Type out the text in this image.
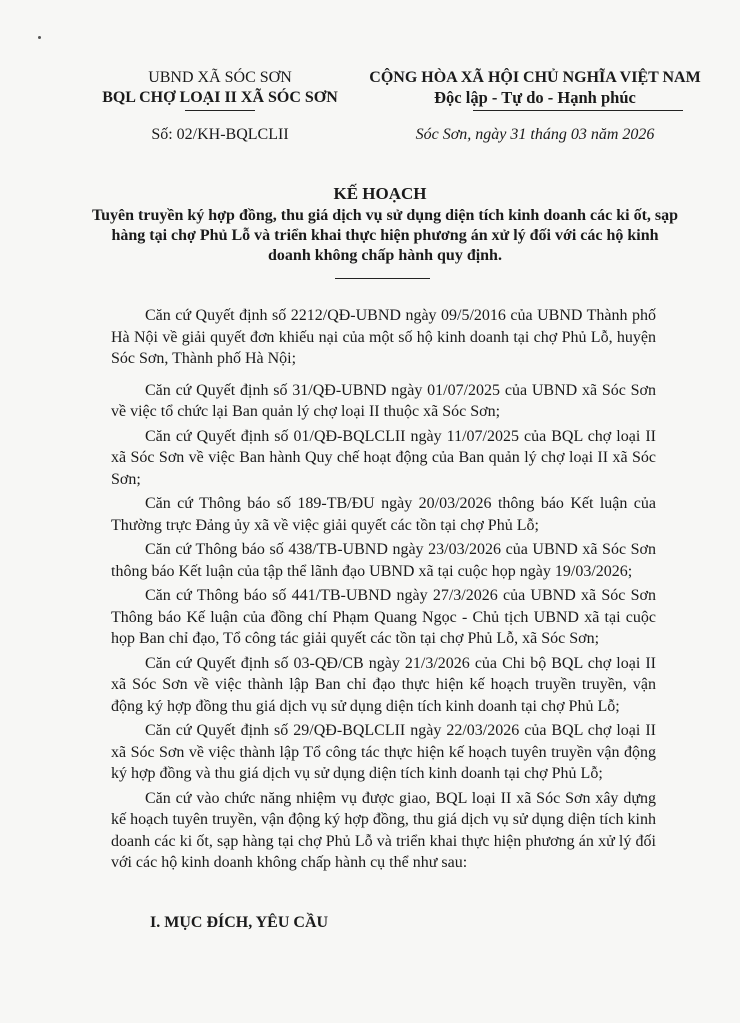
UBND XÃ SÓC SƠN
BQL CHỢ LOẠI II XÃ SÓC SƠN
CỘNG HÒA XÃ HỘI CHỦ NGHĨA VIỆT NAM
Độc lập - Tự do - Hạnh phúc
Số: 02/KH-BQLCLII	Sóc Sơn, ngày 31 tháng 03 năm 2026
KẾ HOẠCH
Tuyên truyền ký hợp đồng, thu giá dịch vụ sử dụng diện tích kinh doanh các ki ốt, sạp hàng tại chợ Phủ Lỗ và triển khai thực hiện phương án xử lý đối với các hộ kinh doanh không chấp hành quy định.

Căn cứ Quyết định số 2212/QĐ-UBND ngày 09/5/2016 của UBND Thành phố Hà Nội về giải quyết đơn khiếu nại của một số hộ kinh doanh tại chợ Phủ Lỗ, huyện Sóc Sơn, Thành phố Hà Nội;

Căn cứ Quyết định số 31/QĐ-UBND ngày 01/07/2025 của UBND xã Sóc Sơn về việc tổ chức lại Ban quản lý chợ loại II thuộc xã Sóc Sơn;

Căn cứ Quyết định số 01/QĐ-BQLCLII ngày 11/07/2025 của BQL chợ loại II xã Sóc Sơn về việc Ban hành Quy chế hoạt động của Ban quản lý chợ loại II xã Sóc Sơn;

Căn cứ Thông báo số 189-TB/ĐU ngày 20/03/2026 thông báo Kết luận của Thường trực Đảng ủy xã về việc giải quyết các tồn tại chợ Phủ Lỗ;

Căn cứ Thông báo số 438/TB-UBND ngày 23/03/2026 của UBND xã Sóc Sơn thông báo Kết luận của tập thể lãnh đạo UBND xã tại cuộc họp ngày 19/03/2026;

Căn cứ Thông báo số 441/TB-UBND ngày 27/3/2026 của UBND xã Sóc Sơn Thông báo Kế luận của đồng chí Phạm Quang Ngọc - Chủ tịch UBND xã tại cuộc họp Ban chỉ đạo, Tổ công tác giải quyết các tồn tại chợ Phủ Lỗ, xã Sóc Sơn;

Căn cứ Quyết định số 03-QĐ/CB ngày 21/3/2026 của Chi bộ BQL chợ loại II xã Sóc Sơn về việc thành lập Ban chỉ đạo thực hiện kế hoạch truyền truyền, vận động ký hợp đồng thu giá dịch vụ sử dụng diện tích kinh doanh tại chợ Phủ Lỗ;

Căn cứ Quyết định số 29/QĐ-BQLCLII ngày 22/03/2026 của BQL chợ loại II xã Sóc Sơn về việc thành lập Tổ công tác thực hiện kế hoạch tuyên truyền vận động ký hợp đồng và thu giá dịch vụ sử dụng diện tích kinh doanh tại chợ Phủ Lỗ;

Căn cứ vào chức năng nhiệm vụ được giao, BQL loại II xã Sóc Sơn xây dựng kế hoạch tuyên truyền, vận động ký hợp đồng, thu giá dịch vụ sử dụng diện tích kinh doanh các ki ốt, sạp hàng tại chợ Phủ Lỗ và triển khai thực hiện phương án xử lý đối với các hộ kinh doanh không chấp hành cụ thể như sau:

I. MỤC ĐÍCH, YÊU CẦU
